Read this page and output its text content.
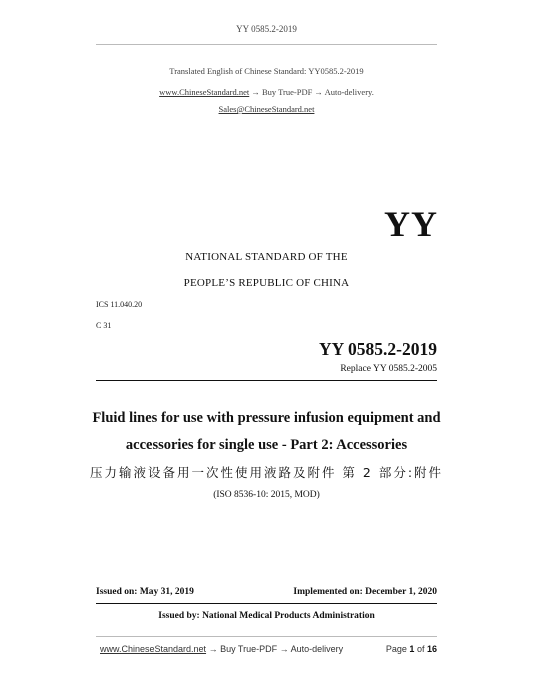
YY 0585.2-2019
Translated English of Chinese Standard: YY0585.2-2019
www.ChineseStandard.net → Buy True-PDF → Auto-delivery.
Sales@ChineseStandard.net
YY
NATIONAL STANDARD OF THE
PEOPLE’S REPUBLIC OF CHINA
ICS 11.040.20
C 31
YY 0585.2-2019
Replace YY 0585.2-2005
Fluid lines for use with pressure infusion equipment and
accessories for single use - Part 2: Accessories
压力输液设备用一次性使用液路及附件 第 2 部分:附件
(ISO 8536-10: 2015, MOD)
Issued on: May 31, 2019	Implemented on: December 1, 2020
Issued by: National Medical Products Administration
www.ChineseStandard.net → Buy True-PDF → Auto-delivery	Page 1 of 16
